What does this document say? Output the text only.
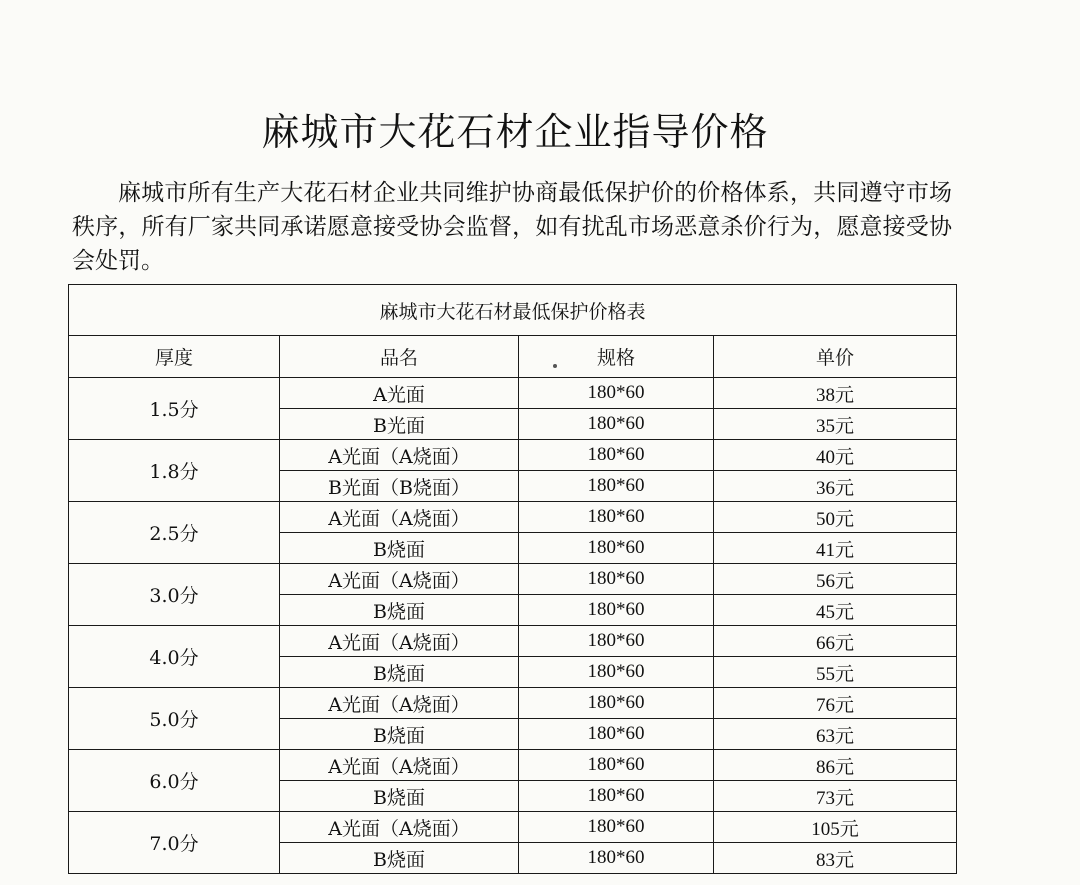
麻城市大花石材企业指导价格
麻城市所有生产大花石材企业共同维护协商最低保护价的价格体系，共同遵守市场秩序，所有厂家共同承诺愿意接受协会监督，如有扰乱市场恶意杀价行为，愿意接受协会处罚。
麻城市大花石材最低保护价格表			
厚度	品名	规格	单价
1.5分	A光面	180*60	38元
	B光面	180*60	35元
1.8分	A光面（A烧面）	180*60	40元
	B光面（B烧面）	180*60	36元
2.5分	A光面（A烧面）	180*60	50元
	B烧面	180*60	41元
3.0分	A光面（A烧面）	180*60	56元
	B烧面	180*60	45元
4.0分	A光面（A烧面）	180*60	66元
	B烧面	180*60	55元
5.0分	A光面（A烧面）	180*60	76元
	B烧面	180*60	63元
6.0分	A光面（A烧面）	180*60	86元
	B烧面	180*60	73元
7.0分	A光面（A烧面）	180*60	105元
	B烧面	180*60	83元
